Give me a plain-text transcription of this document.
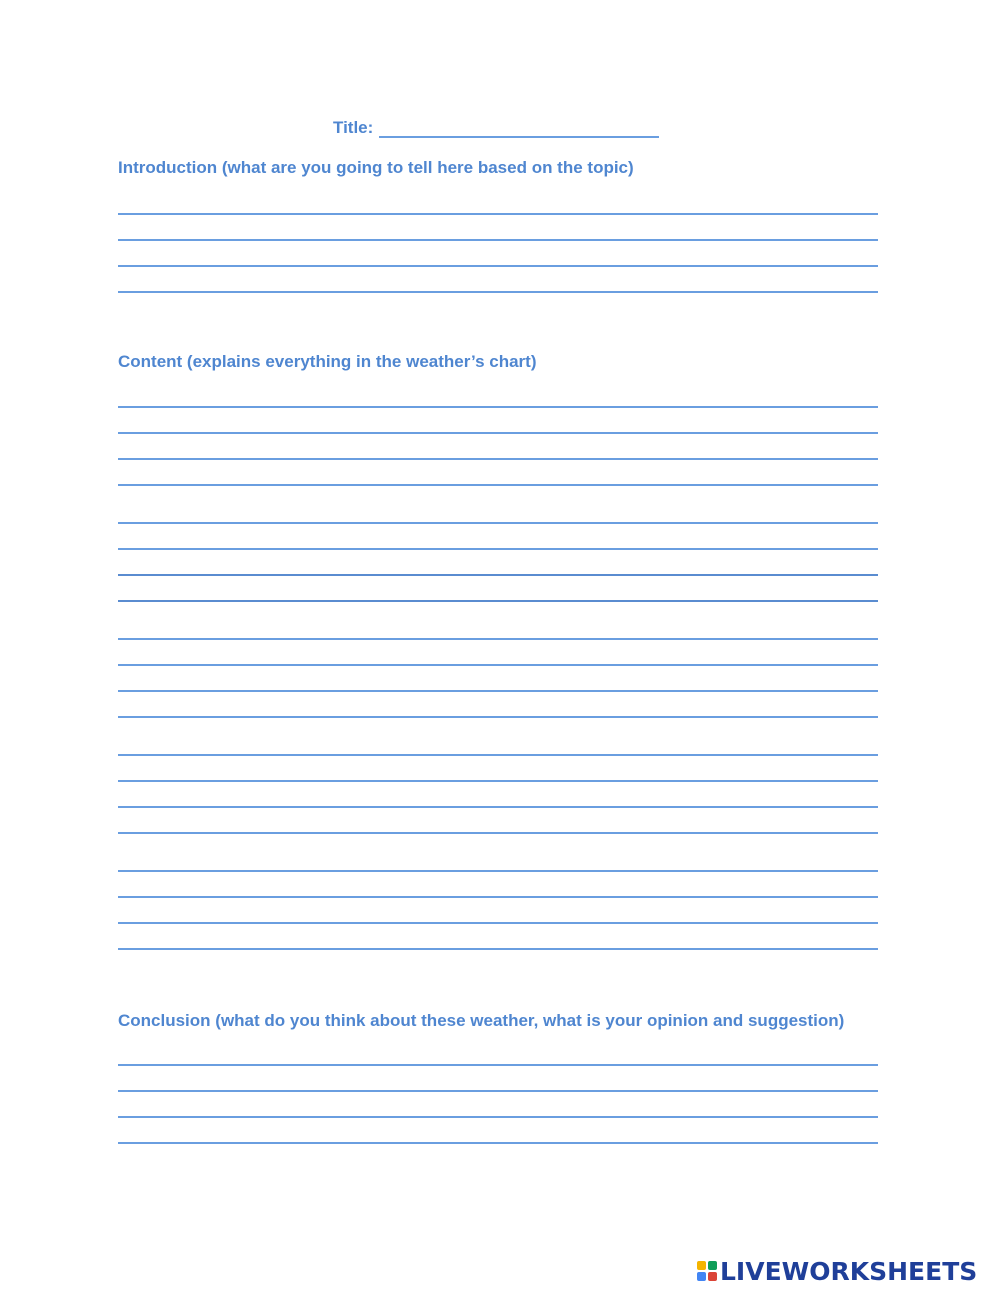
Title:
Introduction (what are you going to tell here based on the topic)
Content (explains everything in the weather’s chart)
Conclusion (what do you think about these weather, what is your opinion and suggestion)
LIVEWORKSHEETS
